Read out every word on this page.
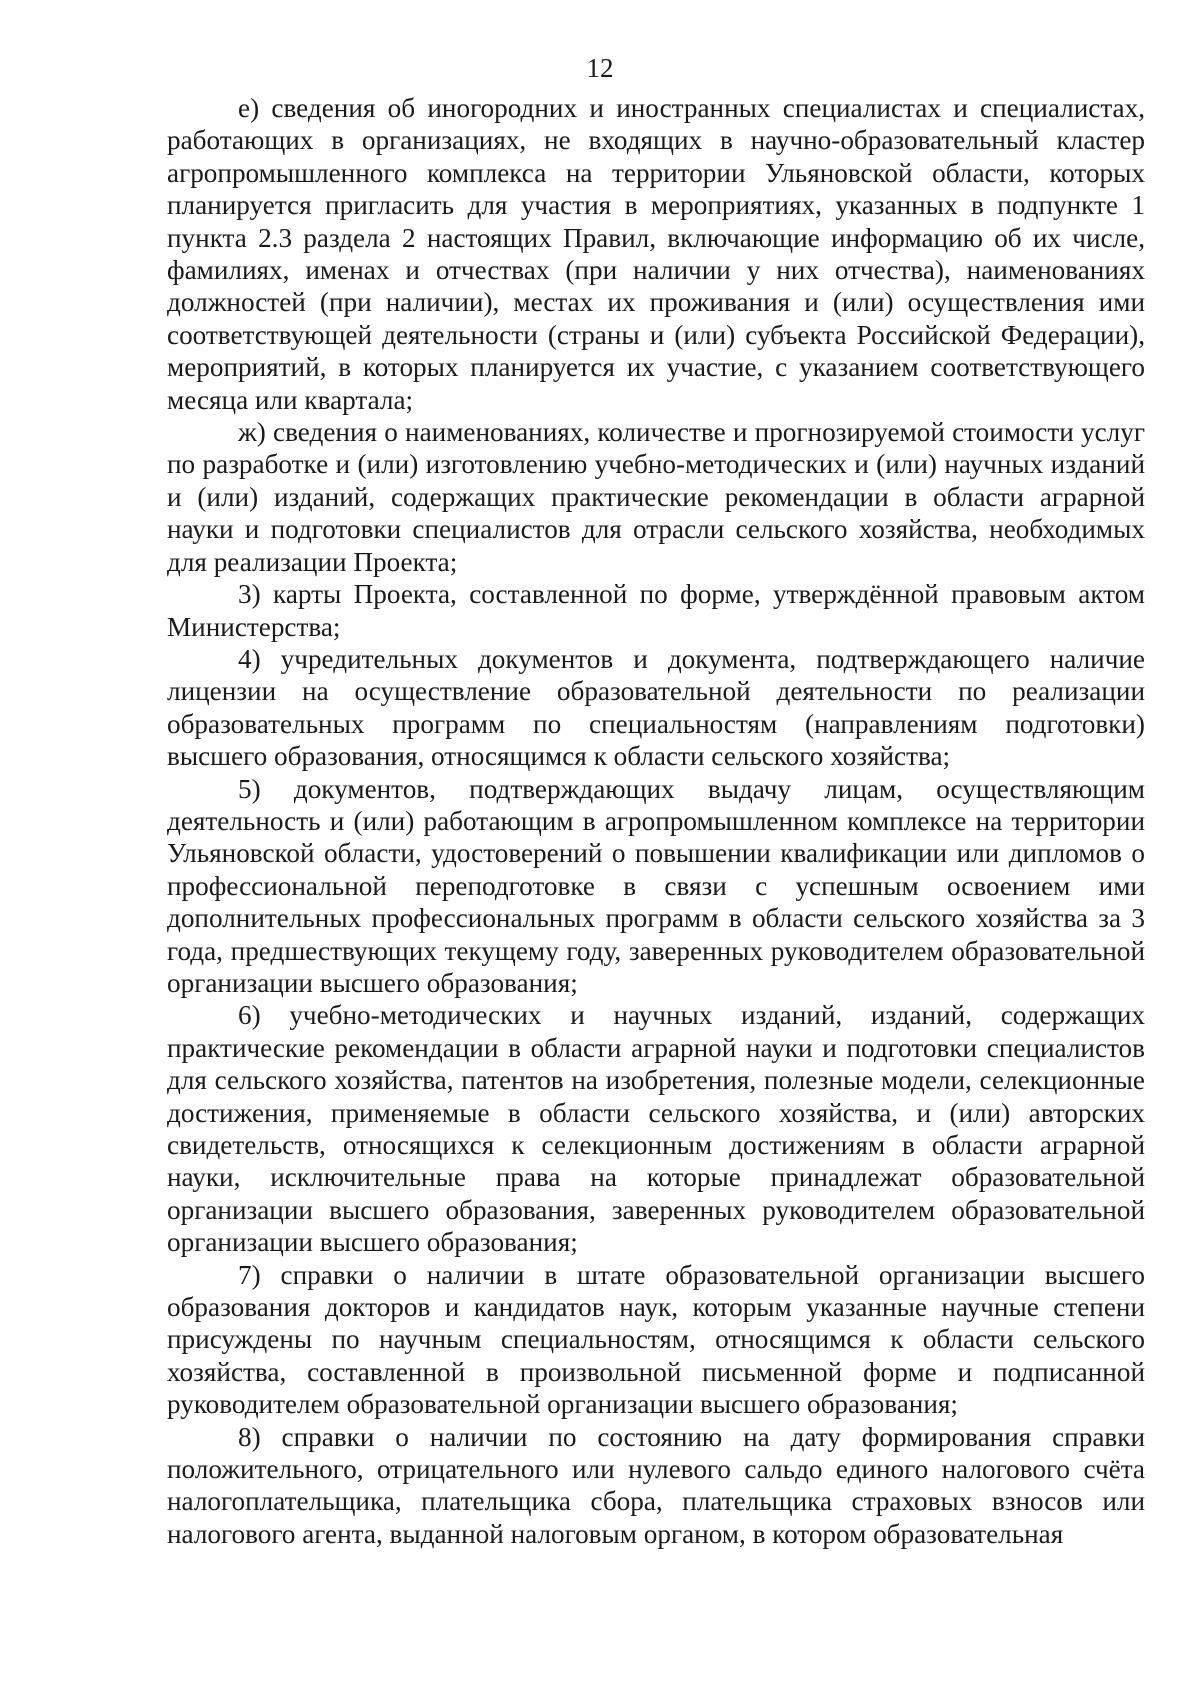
12

е) сведения об иногородних и иностранных специалистах и специалистах, работающих в организациях, не входящих в научно-образовательный кластер агропромышленного комплекса на территории Ульяновской области, которых планируется пригласить для участия в мероприятиях, указанных в подпункте 1 пункта 2.3 раздела 2 настоящих Правил, включающие информацию об их числе, фамилиях, именах и отчествах (при наличии у них отчества), наименованиях должностей (при наличии), местах их проживания и (или) осуществления ими соответствующей деятельности (страны и (или) субъекта Российской Федерации), мероприятий, в которых планируется их участие, с указанием соответствующего месяца или квартала;

ж) сведения о наименованиях, количестве и прогнозируемой стоимости услуг по разработке и (или) изготовлению учебно-методических и (или) научных изданий и (или) изданий, содержащих практические рекомендации в области аграрной науки и подготовки специалистов для отрасли сельского хозяйства, необходимых для реализации Проекта;

3) карты Проекта, составленной по форме, утверждённой правовым актом Министерства;

4) учредительных документов и документа, подтверждающего наличие лицензии на осуществление образовательной деятельности по реализации образовательных программ по специальностям (направлениям подготовки) высшего образования, относящимся к области сельского хозяйства;

5) документов, подтверждающих выдачу лицам, осуществляющим деятельность и (или) работающим в агропромышленном комплексе на территории Ульяновской области, удостоверений о повышении квалификации или дипломов о профессиональной переподготовке в связи с успешным освоением ими дополнительных профессиональных программ в области сельского хозяйства за 3 года, предшествующих текущему году, заверенных руководителем образовательной организации высшего образования;

6) учебно-методических и научных изданий, изданий, содержащих практические рекомендации в области аграрной науки и подготовки специалистов для сельского хозяйства, патентов на изобретения, полезные модели, селекционные достижения, применяемые в области сельского хозяйства, и (или) авторских свидетельств, относящихся к селекционным достижениям в области аграрной науки, исключительные права на которые принадлежат образовательной организации высшего образования, заверенных руководителем образовательной организации высшего образования;

7) справки о наличии в штате образовательной организации высшего образования докторов и кандидатов наук, которым указанные научные степени присуждены по научным специальностям, относящимся к области сельского хозяйства, составленной в произвольной письменной форме и подписанной руководителем образовательной организации высшего образования;

8) справки о наличии по состоянию на дату формирования справки положительного, отрицательного или нулевого сальдо единого налогового счёта налогоплательщика, плательщика сбора, плательщика страховых взносов или налогового агента, выданной налоговым органом, в котором образовательная
